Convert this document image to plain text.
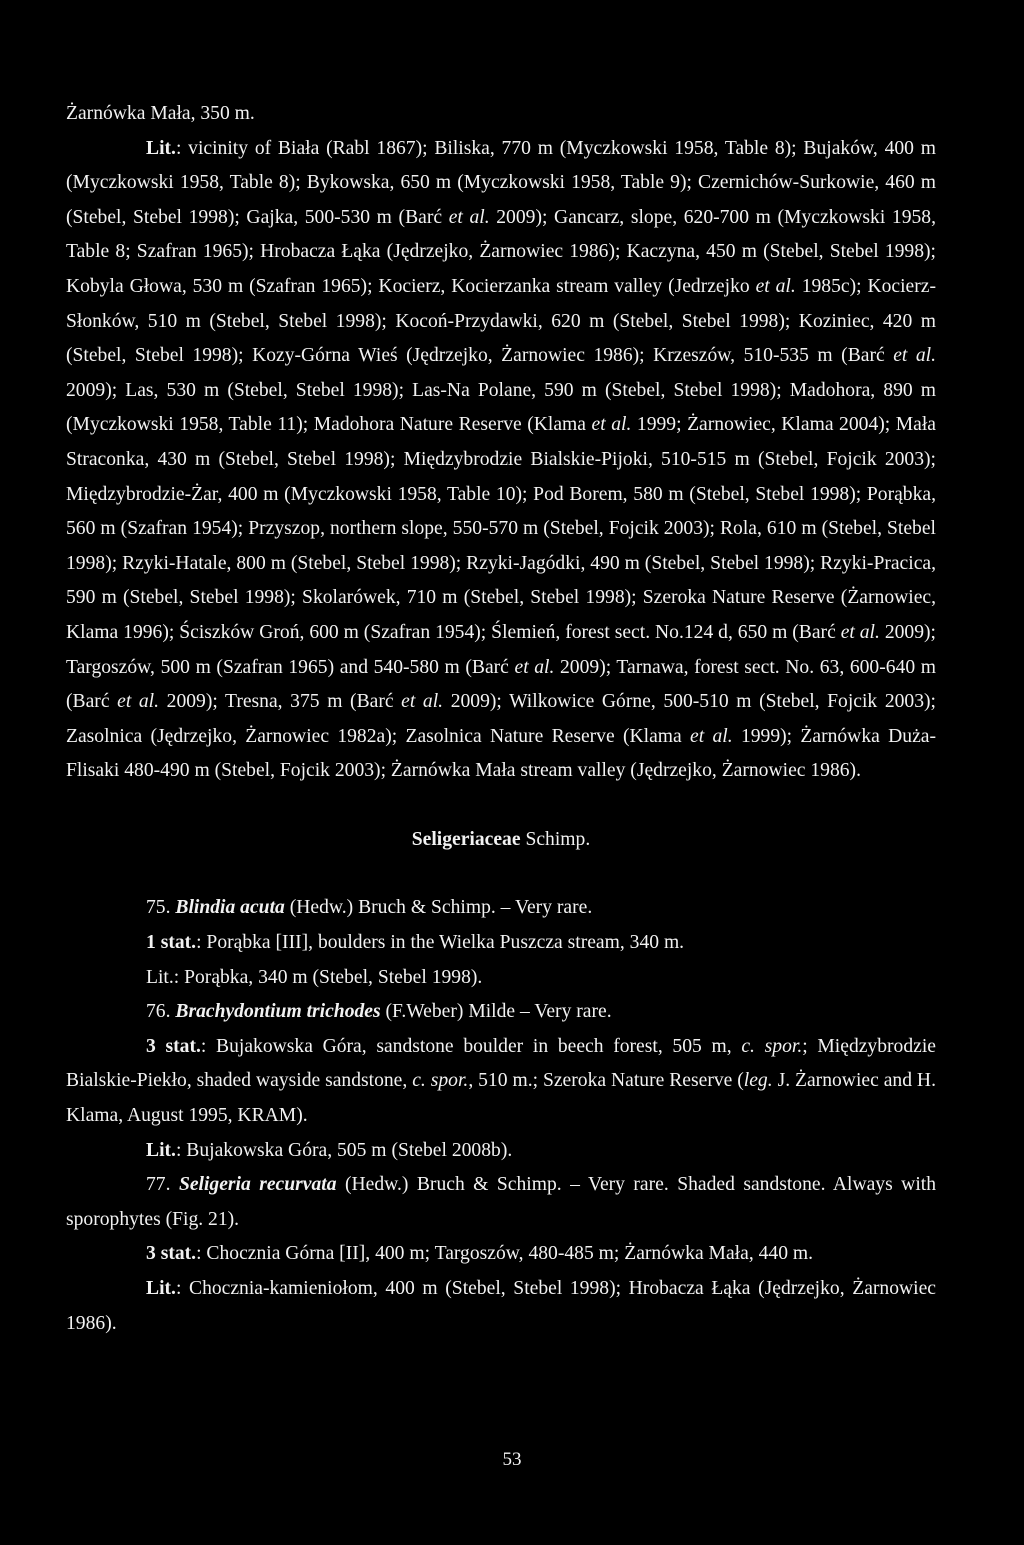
Żarnówka Mała, 350 m.

Lit.: vicinity of Biała (Rabl 1867); Biliska, 770 m (Myczkowski 1958, Table 8); Bujaków, 400 m (Myczkowski 1958, Table 8); Bykowska, 650 m (Myczkowski 1958, Table 9); Czernichów-Surkowie, 460 m (Stebel, Stebel 1998); Gajka, 500-530 m (Barć et al. 2009); Gancarz, slope, 620-700 m (Myczkowski 1958, Table 8; Szafran 1965); Hrobacza Łąka (Jędrzejko, Żarnowiec 1986); Kaczyna, 450 m (Stebel, Stebel 1998); Kobyla Głowa, 530 m (Szafran 1965); Kocierz, Kocierzanka stream valley (Jedrzejko et al. 1985c); Kocierz-Słonków, 510 m (Stebel, Stebel 1998); Kocoń-Przydawki, 620 m (Stebel, Stebel 1998); Koziniec, 420 m (Stebel, Stebel 1998); Kozy-Górna Wieś (Jędrzejko, Żarnowiec 1986); Krzeszów, 510-535 m (Barć et al. 2009); Las, 530 m (Stebel, Stebel 1998); Las-Na Polane, 590 m (Stebel, Stebel 1998); Madohora, 890 m (Myczkowski 1958, Table 11); Madohora Nature Reserve (Klama et al. 1999; Żarnowiec, Klama 2004); Mała Straconka, 430 m (Stebel, Stebel 1998); Międzybrodzie Bialskie-Pijoki, 510-515 m (Stebel, Fojcik 2003); Międzybrodzie-Żar, 400 m (Myczkowski 1958, Table 10); Pod Borem, 580 m (Stebel, Stebel 1998); Porąbka, 560 m (Szafran 1954); Przyszop, northern slope, 550-570 m (Stebel, Fojcik 2003); Rola, 610 m (Stebel, Stebel 1998); Rzyki-Hatale, 800 m (Stebel, Stebel 1998); Rzyki-Jagódki, 490 m (Stebel, Stebel 1998); Rzyki-Pracica, 590 m (Stebel, Stebel 1998); Skolarówek, 710 m (Stebel, Stebel 1998); Szeroka Nature Reserve (Żarnowiec, Klama 1996); Ściszków Groń, 600 m (Szafran 1954); Ślemień, forest sect. No.124 d, 650 m (Barć et al. 2009); Targoszów, 500 m (Szafran 1965) and 540-580 m (Barć et al. 2009); Tarnawa, forest sect. No. 63, 600-640 m (Barć et al. 2009); Tresna, 375 m (Barć et al. 2009); Wilkowice Górne, 500-510 m (Stebel, Fojcik 2003); Zasolnica (Jędrzejko, Żarnowiec 1982a); Zasolnica Nature Reserve (Klama et al. 1999); Żarnówka Duża-Flisaki 480-490 m (Stebel, Fojcik 2003); Żarnówka Mała stream valley (Jędrzejko, Żarnowiec 1986).

Seligeriaceae Schimp.

75. Blindia acuta (Hedw.) Bruch & Schimp. – Very rare.

1 stat.: Porąbka [III], boulders in the Wielka Puszcza stream, 340 m.

Lit.: Porąbka, 340 m (Stebel, Stebel 1998).

76. Brachydontium trichodes (F.Weber) Milde – Very rare.

3 stat.: Bujakowska Góra, sandstone boulder in beech forest, 505 m, c. spor.; Międzybrodzie Bialskie-Piekło, shaded wayside sandstone, c. spor., 510 m.; Szeroka Nature Reserve (leg. J. Żarnowiec and H. Klama, August 1995, KRAM).

Lit.: Bujakowska Góra, 505 m (Stebel 2008b).

77. Seligeria recurvata (Hedw.) Bruch & Schimp. – Very rare. Shaded sandstone. Always with sporophytes (Fig. 21).

3 stat.: Chocznia Górna [II], 400 m; Targoszów, 480-485 m; Żarnówka Mała, 440 m.

Lit.: Chocznia-kamieniołom, 400 m (Stebel, Stebel 1998); Hrobacza Łąka (Jędrzejko, Żarnowiec 1986).

53
